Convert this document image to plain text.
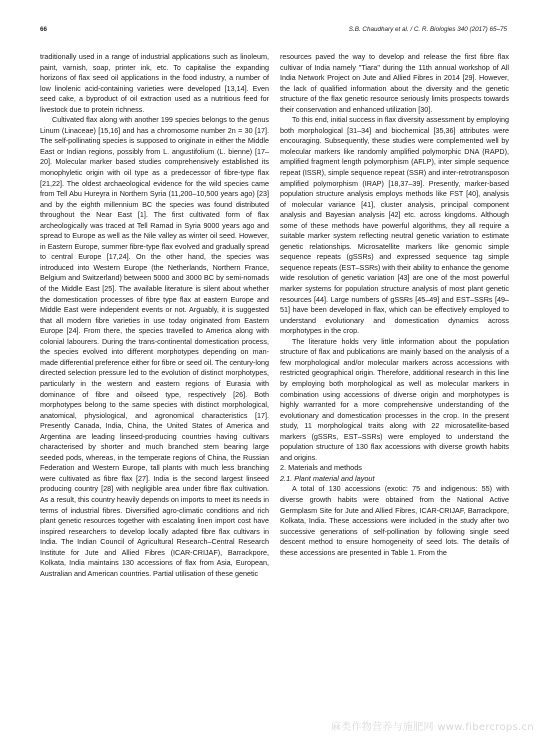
66	S.B. Chaudhary et al. / C. R. Biologies 340 (2017) 65–75

traditionally used in a range of industrial applications such as linoleum, paint, varnish, soap, printer ink, etc. To capitalise the expanding horizons of flax seed oil applications in the food industry, a number of low linolenic acid-containing varieties were developed [13,14]. Even seed cake, a byproduct of oil extraction used as a nutritious feed for livestock due to protein richness.

Cultivated flax along with another 199 species belongs to the genus Linum (Linaceae) [15,16] and has a chromosome number 2n = 30 [17]. The self-pollinating species is supposed to originate in either the Middle East or Indian regions, possibly from L. angustifolium (L. bienne) [17–20]. Molecular marker based studies comprehensively established its monophyletic origin with oil type as a predecessor of fibre-type flax [21,22]. The oldest archaeological evidence for the wild species came from Tell Abu Hureyra in Northern Syria (11,200–10,500 years ago) [23] and by the eighth millennium BC the species was found distributed throughout the Near East [1]. The first cultivated form of flax archeologically was traced at Tell Ramad in Syria 9000 years ago and spread to Europe as well as the Nile valley as winter oil seed. However, in Eastern Europe, summer fibre-type flax evolved and gradually spread to central Europe [17,24]. On the other hand, the species was introduced into Western Europe (the Netherlands, Northern France, Belgium and Switzerland) between 5000 and 3000 BC by semi-nomads of the Middle East [25]. The available literature is silent about whether the domestication processes of fibre type flax at eastern Europe and Middle East were independent events or not. Arguably, it is suggested that all modern fibre varieties in use today originated from Eastern Europe [24]. From there, the species travelled to America along with colonial labourers. During the trans-continental domestication process, the species evolved into different morphotypes depending on man-made differential preference either for fibre or seed oil. The century-long directed selection pressure led to the evolution of distinct morphotypes, particularly in the western and eastern regions of Eurasia with dominance of fibre and oilseed type, respectively [26]. Both morphotypes belong to the same species with distinct morphological, anatomical, physiological, and agronomical characteristics [17]. Presently Canada, India, China, the United States of America and Argentina are leading linseed-producing countries having cultivars characterised by shorter and much branched stem bearing large seeded pods, whereas, in the temperate regions of China, the Russian Federation and Western Europe, tall plants with much less branching were cultivated as fibre flax [27]. India is the second largest linseed producing country [28] with negligible area under fibre flax cultivation. As a result, this country heavily depends on imports to meet its needs in terms of industrial fibres. Diversified agro-climatic conditions and rich plant genetic resources together with escalating linen import cost have inspired researchers to develop locally adapted fibre flax cultivars in India. The Indian Council of Agricultural Research–Central Research Institute for Jute and Allied Fibres (ICAR-CRIJAF), Barrackpore, Kolkata, India maintains 130 accessions of flax from Asia, European, Australian and American countries. Partial utilisation of these genetic

resources paved the way to develop and release the first fibre flax cultivar of India namely "Tiara" during the 11th annual workshop of All India Network Project on Jute and Allied Fibres in 2014 [29]. However, the lack of qualified information about the diversity and the genetic structure of the flax genetic resource seriously limits prospects towards their conservation and enhanced utilization [30].

To this end, initial success in flax diversity assessment by employing both morphological [31–34] and biochemical [35,36] attributes were encouraging. Subsequently, these studies were complemented well by molecular markers like randomly amplified polymorphic DNA (RAPD), amplified fragment length polymorphism (AFLP), inter simple sequence repeat (ISSR), simple sequence repeat (SSR) and inter-retrotransposon amplified polymorphism (IRAP) [18,37–39]. Presently, marker-based population structure analysis employs methods like FST [40], analysis of molecular variance [41], cluster analysis, principal component analysis and Bayesian analysis [42] etc. across kingdoms. Although some of these methods have powerful algorithms, they all require a suitable marker system reflecting neutral genetic variation to estimate genetic relationships. Microsatellite markers like genomic simple sequence repeats (gSSRs) and expressed sequence tag simple sequence repeats (EST–SSRs) with their ability to enhance the genome wide resolution of genetic variation [43] are one of the most powerful marker systems for population structure analysis of most plant genetic resources [44]. Large numbers of gSSRs [45–49] and EST–SSRs [49–51] have been developed in flax, which can be effectively employed to understand evolutionary and domestication dynamics across morphotypes in the crop.

The literature holds very little information about the population structure of flax and publications are mainly based on the analysis of a few morphological and/or molecular markers across accessions with restricted geographical origin. Therefore, additional research in this line by employing both morphological as well as molecular markers in combination using accessions of diverse origin and morphotypes is highly warranted for a more comprehensive understanding of the evolutionary and domestication processes in the crop. In the present study, 11 morphological traits along with 22 microsatellite-based markers (gSSRs, EST–SSRs) were employed to understand the population structure of 130 flax accessions with diverse growth habits and origins.

2. Materials and methods

2.1. Plant material and layout

A total of 130 accessions (exotic: 75 and indigenous: 55) with diverse growth habits were obtained from the National Active Germplasm Site for Jute and Allied Fibres, ICAR-CRIJAF, Barrackpore, Kolkata, India. These accessions were included in the study after two successive generations of self-pollination by following single seed descent method to ensure homogeneity of seed lots. The details of these accessions are presented in Table 1. From the

麻类作物营养与施肥网 www.fibercrops.cn
